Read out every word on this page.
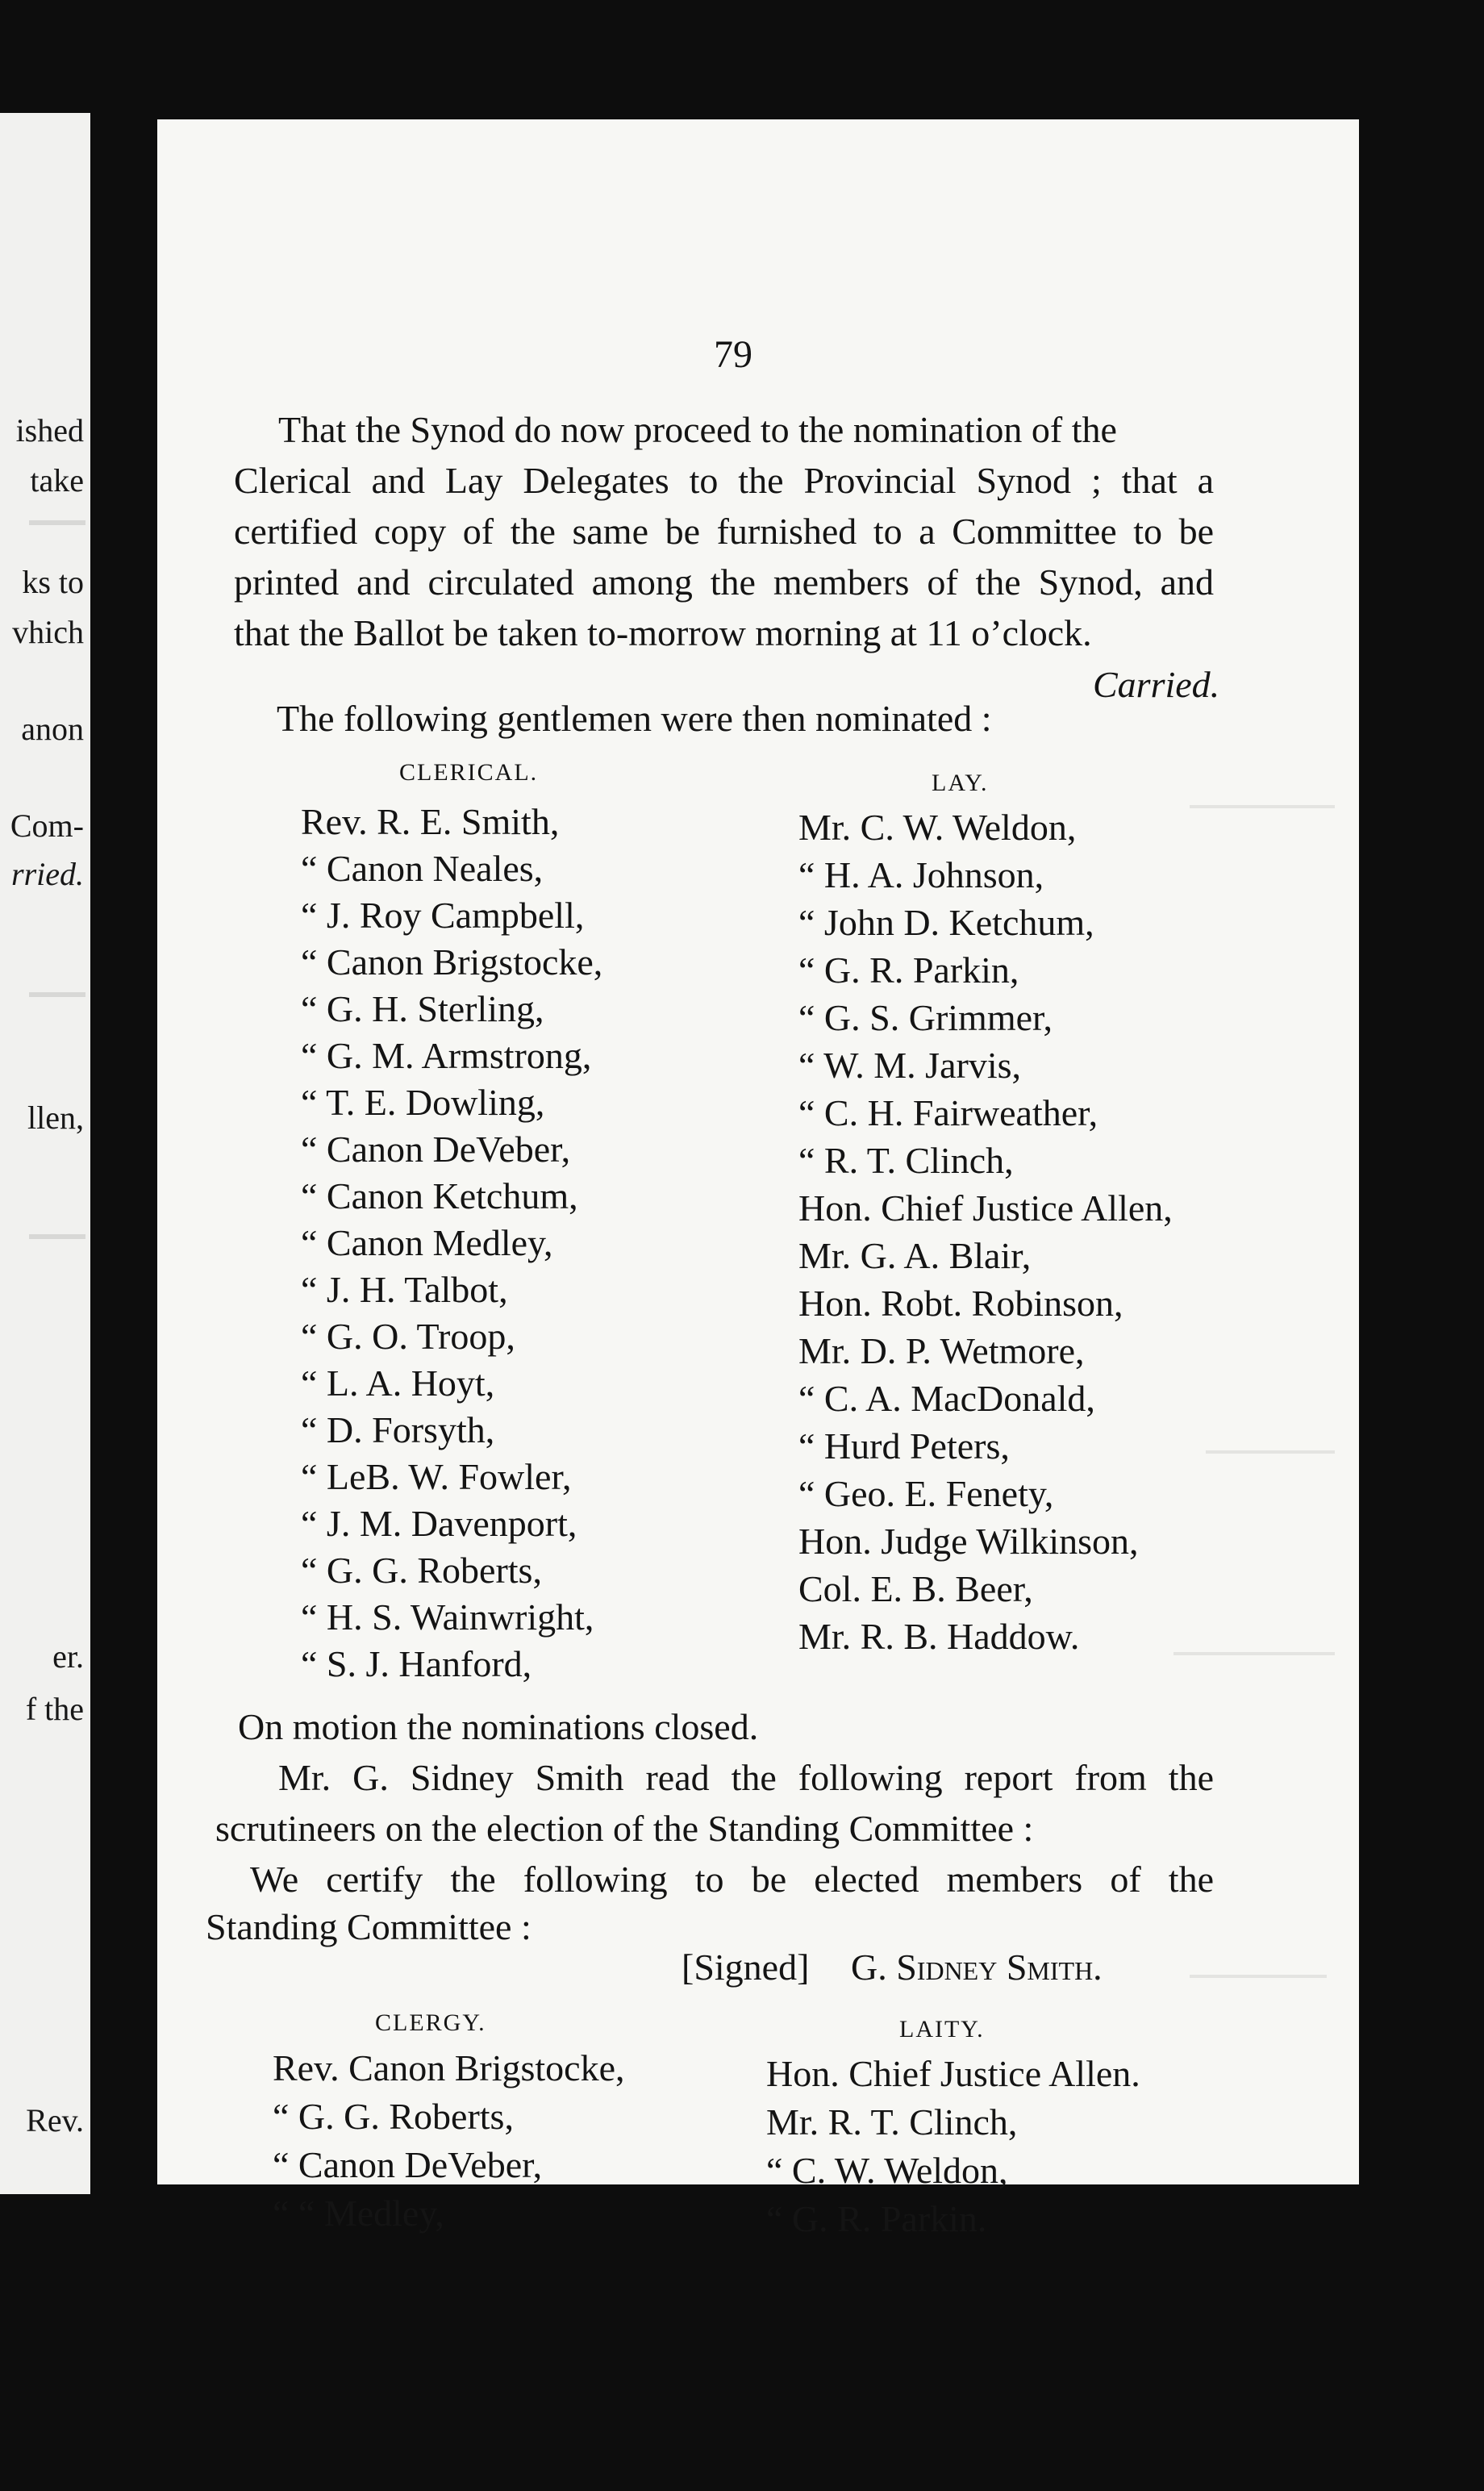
ished
take
ks to
vhich
anon
Com-
rried.
llen,
er.
f the
Rev.
79
That the Synod do now proceed to the nomination of the
Clerical and Lay Delegates to the Provincial Synod ; that a
certified copy of the same be furnished to a Committee to be
printed and circulated among the members of the Synod, and
that the Ballot be taken to-morrow morning at 11 o’clock.
Carried.
The following gentlemen were then nominated :
CLERICAL.	LAY.
Rev. R. E. Smith,
“ Canon Neales,
“ J. Roy Campbell,
“ Canon Brigstocke,
“ G. H. Sterling,
“ G. M. Armstrong,
“ T. E. Dowling,
“ Canon DeVeber,
“ Canon Ketchum,
“ Canon Medley,
“ J. H. Talbot,
“ G. O. Troop,
“ L. A. Hoyt,
“ D. Forsyth,
“ LeB. W. Fowler,
“ J. M. Davenport,
“ G. G. Roberts,
“ H. S. Wainwright,
“ S. J. Hanford,
Mr. C. W. Weldon,
“ H. A. Johnson,
“ John D. Ketchum,
“ G. R. Parkin,
“ G. S. Grimmer,
“ W. M. Jarvis,
“ C. H. Fairweather,
“ R. T. Clinch,
Hon. Chief Justice Allen,
Mr. G. A. Blair,
Hon. Robt. Robinson,
Mr. D. P. Wetmore,
“ C. A. MacDonald,
“ Hurd Peters,
“ Geo. E. Fenety,
Hon. Judge Wilkinson,
Col. E. B. Beer,
Mr. R. B. Haddow.
On motion the nominations closed.
Mr. G. Sidney Smith read the following report from the
scrutineers on the election of the Standing Committee :
We certify the following to be elected members of the
Standing Committee :
[Signed] G. Sidney Smith.
CLERGY.	LAITY.
Rev. Canon Brigstocke,
“ G. G. Roberts,
“ Canon DeVeber,
“ “ Medley,
Hon. Chief Justice Allen.
Mr. R. T. Clinch,
“ C. W. Weldon,
“ G. R. Parkin.
